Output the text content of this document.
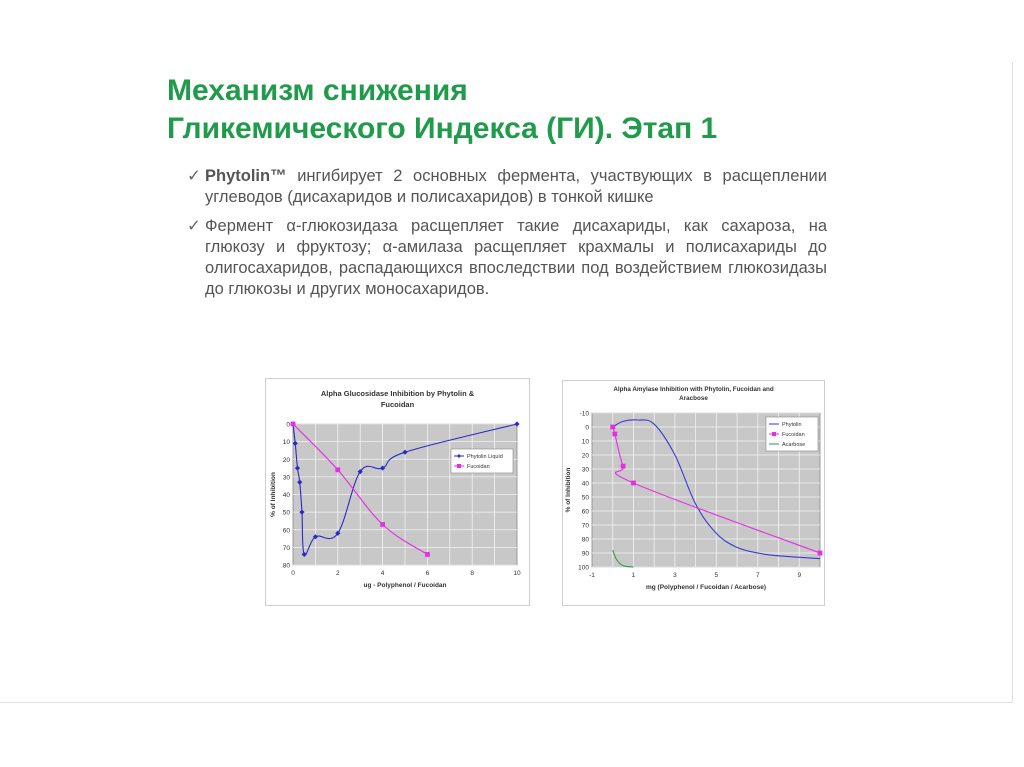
Механизм снижения
Гликемического Индекса (ГИ). Этап 1
✓ Phytolin™ ингибирует 2 основных фермента, участвующих в расщеплении углеводов (дисахаридов и полисахаридов) в тонкой кишке
✓ Фермент α-глюкозидаза расщепляет такие дисахариды, как сахароза, на глюкозу и фруктозу; α-амилаза расщепляет крахмалы и полисахариды до олигосахаридов, распадающихся впоследствии под воздействием глюкозидазы до глюкозы и других моносахаридов.
Alpha Glucosidase Inhibition by Phytolin &
Fucoidan
0
10
20
30
40
50
60
70
80
0	2	4	6	8	10
ug - Polyphenol / Fucoidan
% of Inhibition
Phytolin Liquid
Fucoidan
Alpha Amylase Inhibition with Phytolin, Fucoidan and
Aracbose
-10
0
10
20
30
40
50
60
70
80
90
100
-1	1	3	5	7	9
mg (Polyphenol / Fucoidan / Acarbose)
% of Inhibition
Phytolin
Fucoidan
Acarbose
